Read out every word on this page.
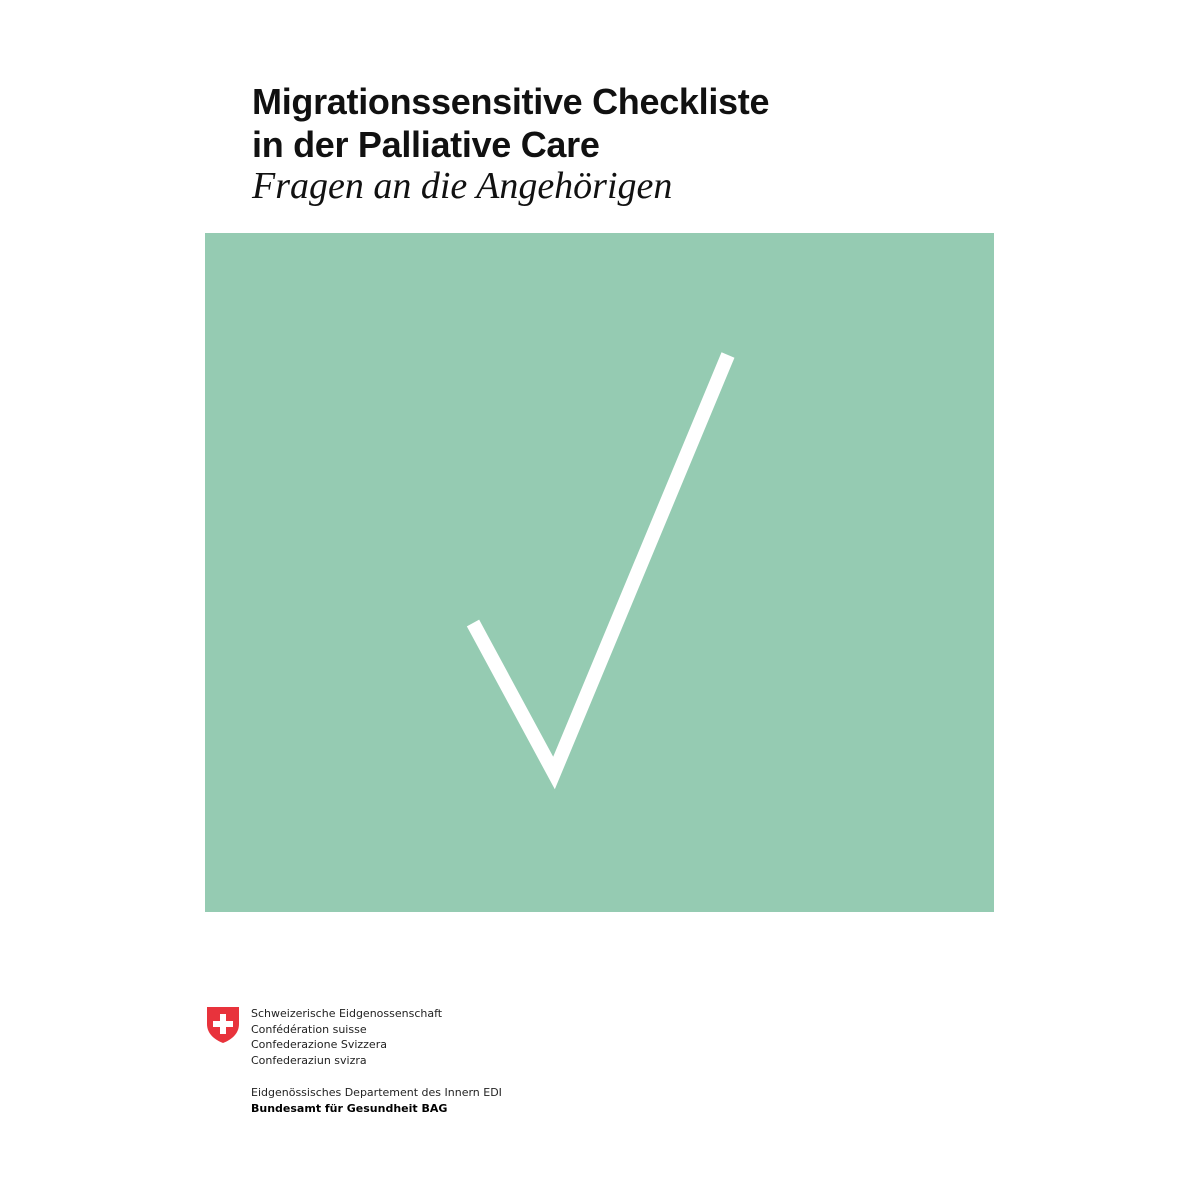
Migrationssensitive Checkliste
in der Palliative Care
Fragen an die Angehörigen
Schweizerische Eidgenossenschaft
Confédération suisse
Confederazione Svizzera
Confederaziun svizra
Eidgenössisches Departement des Innern EDI
Bundesamt für Gesundheit BAG
